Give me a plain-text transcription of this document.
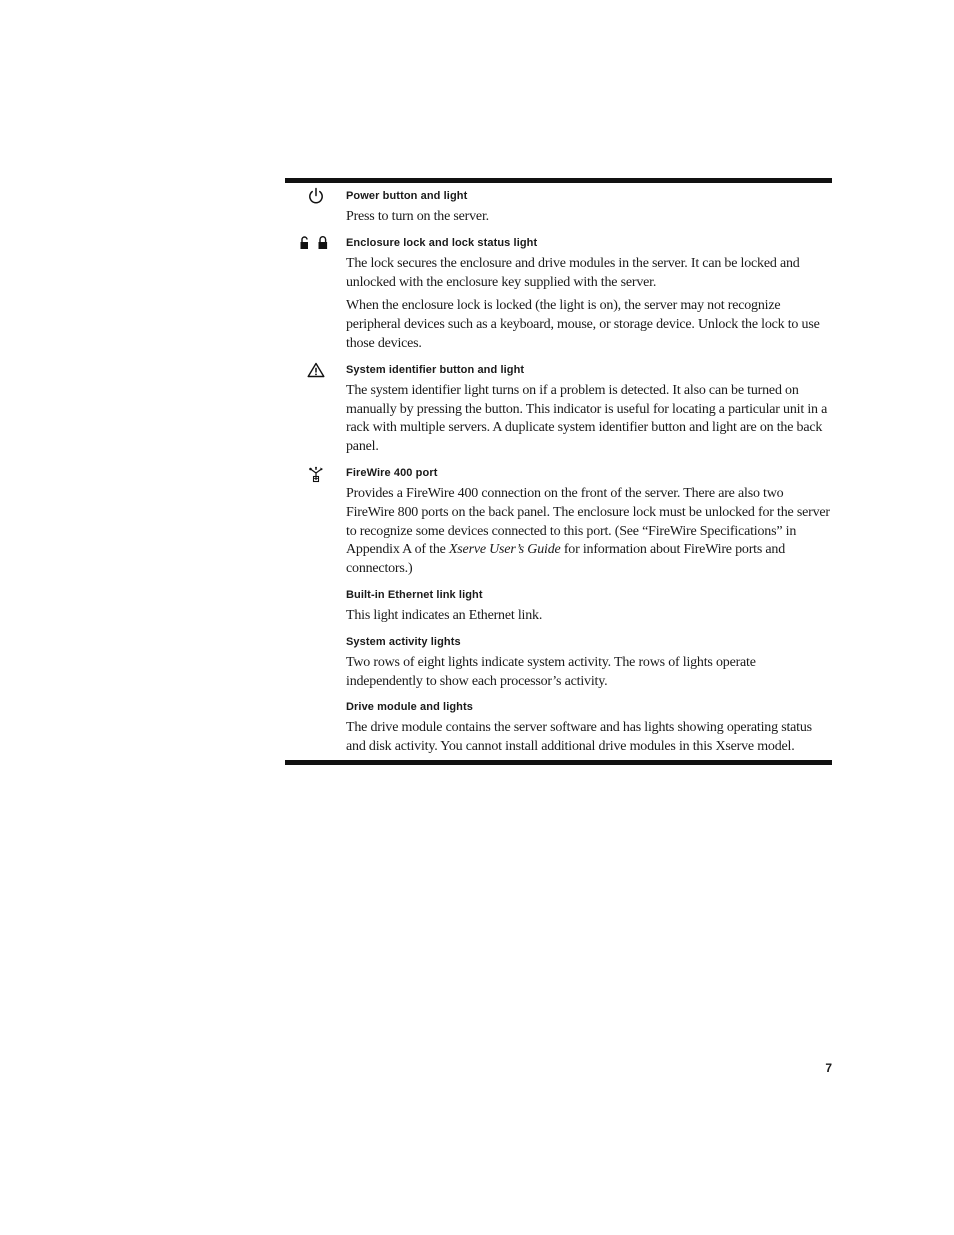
Power button and light

Press to turn on the server.

Enclosure lock and lock status light

The lock secures the enclosure and drive modules in the server. It can be locked and unlocked with the enclosure key supplied with the server.

When the enclosure lock is locked (the light is on), the server may not recognize peripheral devices such as a keyboard, mouse, or storage device. Unlock the lock to use those devices.

System identifier button and light

The system identifier light turns on if a problem is detected. It also can be turned on manually by pressing the button. This indicator is useful for locating a particular unit in a rack with multiple servers. A duplicate system identifier button and light are on the back panel.

FireWire 400 port

Provides a FireWire 400 connection on the front of the server. There are also two FireWire 800 ports on the back panel. The enclosure lock must be unlocked for the server to recognize some devices connected to this port. (See “FireWire Specifications” in Appendix A of the Xserve User’s Guide for information about FireWire ports and connectors.)

Built-in Ethernet link light

This light indicates an Ethernet link.

System activity lights

Two rows of eight lights indicate system activity. The rows of lights operate independently to show each processor’s activity.

Drive module and lights

The drive module contains the server software and has lights showing operating status and disk activity. You cannot install additional drive modules in this Xserve model.

7
